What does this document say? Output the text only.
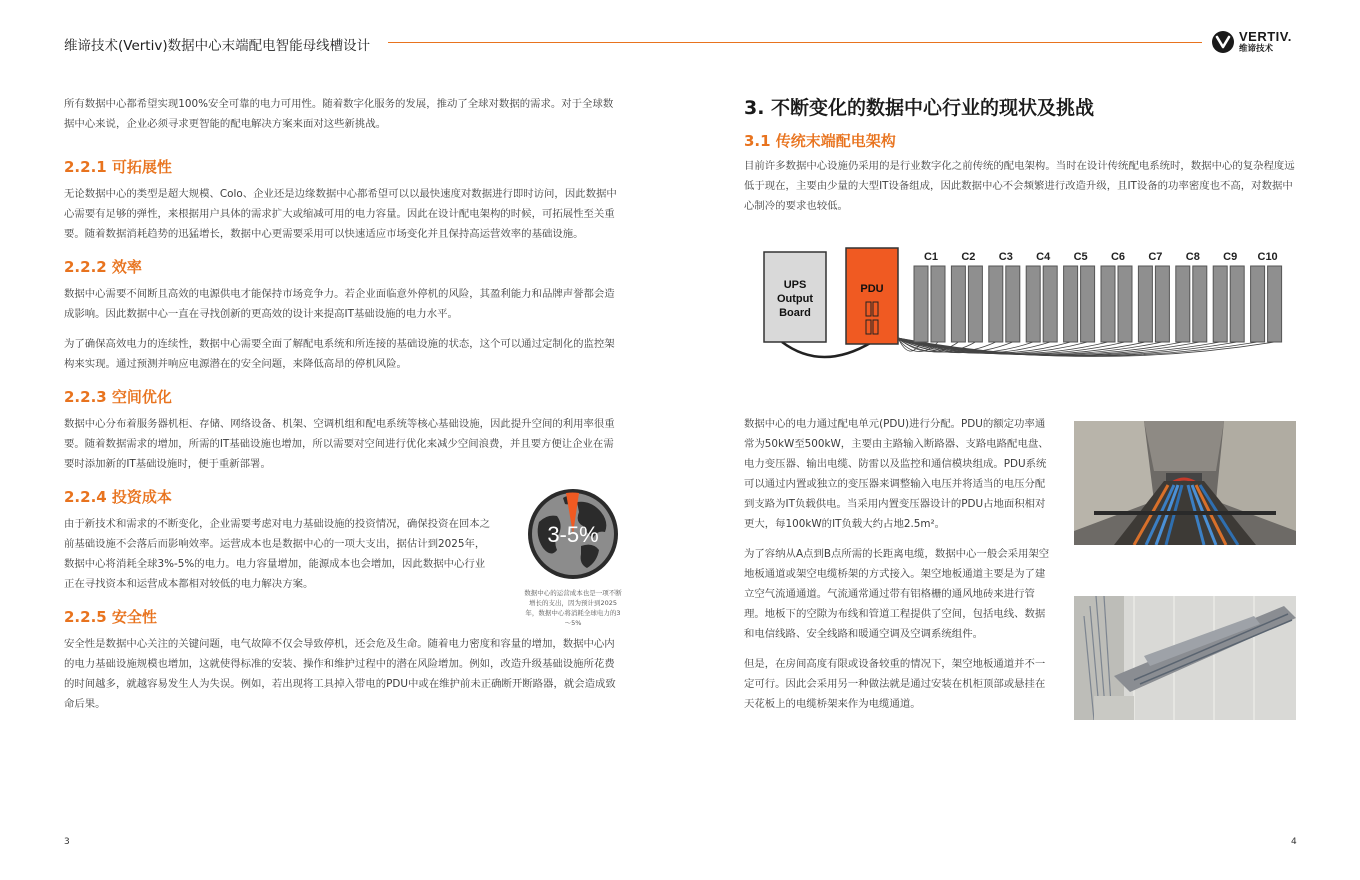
维谛技术(Vertiv)数据中心末端配电智能母线槽设计
VERTIV.
维谛技术

所有数据中心都希望实现100%安全可靠的电力可用性。随着数字化服务的发展，推动了全球对数据的需求。对于全球数据中心来说，企业必须寻求更智能的配电解决方案来面对这些新挑战。

2.2.1 可拓展性

无论数据中心的类型是超大规模、Colo、企业还是边缘数据中心都希望可以以最快速度对数据进行即时访问，因此数据中心需要有足够的弹性，来根据用户具体的需求扩大或缩减可用的电力容量。因此在设计配电架构的时候，可拓展性至关重要。随着数据消耗趋势的迅猛增长，数据中心更需要采用可以快速适应市场变化并且保持高运营效率的基础设施。

2.2.2 效率

数据中心需要不间断且高效的电源供电才能保持市场竞争力。若企业面临意外停机的风险，其盈利能力和品牌声誉都会造成影响。因此数据中心一直在寻找创新的更高效的设计来提高IT基础设施的电力水平。

为了确保高效电力的连续性，数据中心需要全面了解配电系统和所连接的基础设施的状态，这个可以通过定制化的监控架构来实现。通过预测并响应电源潜在的安全问题，来降低高昂的停机风险。

2.2.3 空间优化

数据中心分布着服务器机柜、存储、网络设备、机架、空调机组和配电系统等核心基础设施，因此提升空间的利用率很重要。随着数据需求的增加，所需的IT基础设施也增加，所以需要对空间进行优化来减少空间浪费，并且要方便让企业在需要时添加新的IT基础设施时，便于重新部署。

2.2.4 投资成本

由于新技术和需求的不断变化，企业需要考虑对电力基础设施的投资情况，确保投资在回本之前基础设施不会落后而影响效率。运营成本也是数据中心的一项大支出，据估计到2025年，数据中心将消耗全球3%-5%的电力。电力容量增加，能源成本也会增加，因此数据中心行业正在寻找资本和运营成本都相对较低的电力解决方案。

3-5%
数据中心的运营成本也是一项不断增长的支出，因为预计到2025年，数据中心将消耗全球电力的3～5%
2.2.5 安全性

安全性是数据中心关注的关键问题，电气故障不仅会导致停机，还会危及生命。随着电力密度和容量的增加，数据中心内的电力基础设施规模也增加，这就使得标准的安装、操作和维护过程中的潜在风险增加。例如，改造升级基础设施所花费的时间越多，就越容易发生人为失误。例如，若出现将工具掉入带电的PDU中或在维护前未正确断开断路器，就会造成致命后果。

3. 不断变化的数据中心行业的现状及挑战
3.1 传统末端配电架构

目前许多数据中心设施仍采用的是行业数字化之前传统的配电架构。当时在设计传统配电系统时，数据中心的复杂程度远低于现在，主要由少量的大型IT设备组成，因此数据中心不会频繁进行改造升级，且IT设备的功率密度也不高，对数据中心制冷的要求也较低。

UPS
Output
Board
PDU
C1 C2 C3 C4 C5 C6 C7 C8 C9 C10

数据中心的电力通过配电单元(PDU)进行分配。PDU的额定功率通常为50kW至500kW，主要由主路输入断路器、支路电路配电盘、电力变压器、输出电缆、防雷以及监控和通信模块组成。PDU系统可以通过内置或独立的变压器来调整输入电压并将适当的电压分配到支路为IT负载供电。当采用内置变压器设计的PDU占地面积相对更大，每100kW的IT负载大约占地2.5m²。

为了容纳从A点到B点所需的长距离电缆，数据中心一般会采用架空地板通道或架空电缆桥架的方式接入。架空地板通道主要是为了建立空气流通通道。气流通常通过带有铝格栅的通风地砖来进行管理。地板下的空隙为布线和管道工程提供了空间，包括电线、数据和电信线路、安全线路和暖通空调及空调系统组件。

但是，在房间高度有限或设备较重的情况下，架空地板通道并不一定可行。因此会采用另一种做法就是通过安装在机柜顶部或悬挂在天花板上的电缆桥架来作为电缆通道。

3	4
